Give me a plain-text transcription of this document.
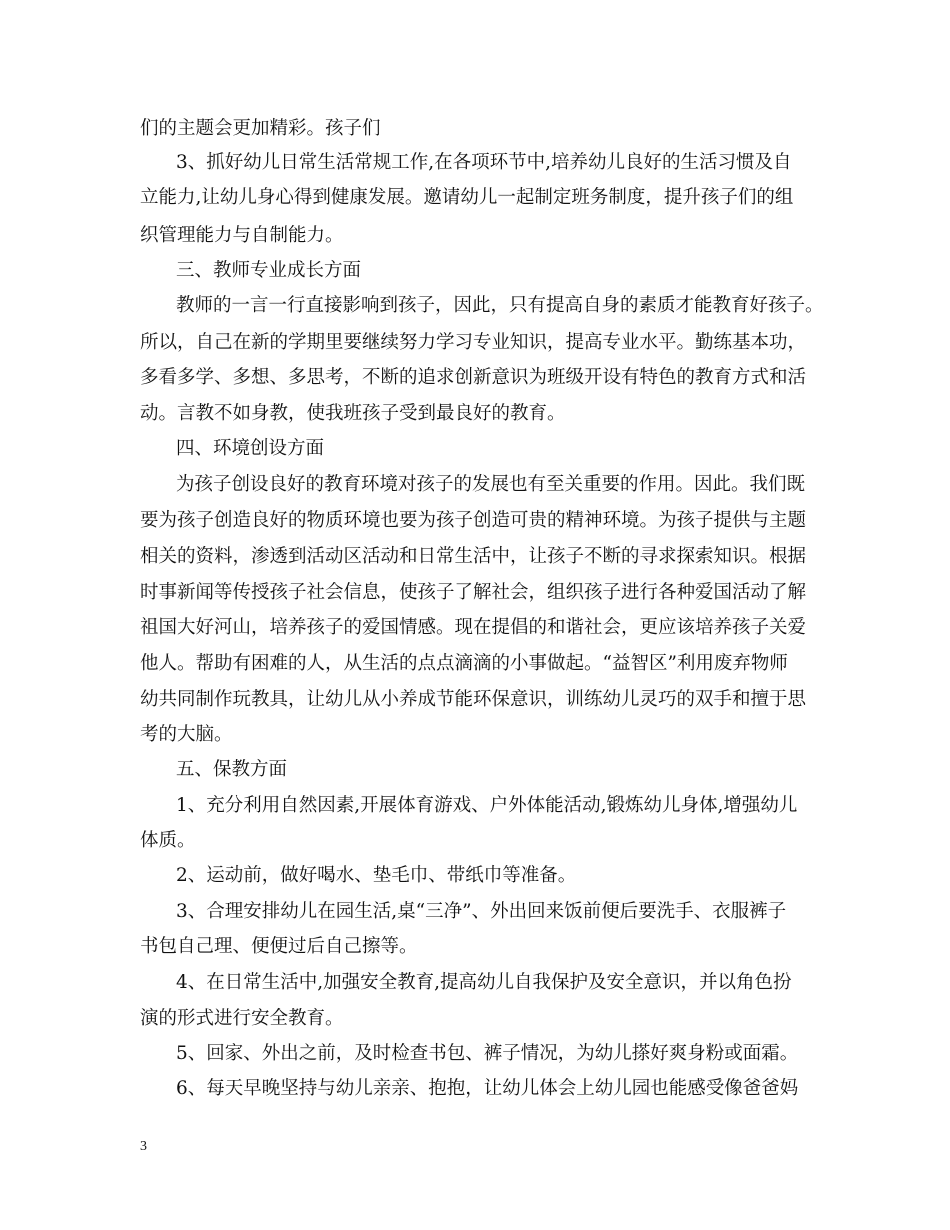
们的主题会更加精彩。孩子们
3、抓好幼儿日常生活常规工作,在各项环节中,培养幼儿良好的生活习惯及自
立能力,让幼儿身心得到健康发展。邀请幼儿一起制定班务制度，提升孩子们的组
织管理能力与自制能力。
三、教师专业成长方面
教师的一言一行直接影响到孩子，因此，只有提高自身的素质才能教育好孩子。
所以，自己在新的学期里要继续努力学习专业知识，提高专业水平。勤练基本功，
多看多学、多想、多思考，不断的追求创新意识为班级开设有特色的教育方式和活
动。言教不如身教，使我班孩子受到最良好的教育。
四、环境创设方面
为孩子创设良好的教育环境对孩子的发展也有至关重要的作用。因此。我们既
要为孩子创造良好的物质环境也要为孩子创造可贵的精神环境。为孩子提供与主题
相关的资料，渗透到活动区活动和日常生活中，让孩子不断的寻求探索知识。根据
时事新闻等传授孩子社会信息，使孩子了解社会，组织孩子进行各种爱国活动了解
祖国大好河山，培养孩子的爱国情感。现在提倡的和谐社会，更应该培养孩子关爱
他人。帮助有困难的人，从生活的点点滴滴的小事做起。“益智区”利用废弃物师
幼共同制作玩教具，让幼儿从小养成节能环保意识，训练幼儿灵巧的双手和擅于思
考的大脑。
五、保教方面
1、充分利用自然因素,开展体育游戏、户外体能活动,锻炼幼儿身体,增强幼儿
体质。
2、运动前，做好喝水、垫毛巾、带纸巾等准备。
3、合理安排幼儿在园生活,桌“三净”、外出回来饭前便后要洗手、衣服裤子
书包自己理、便便过后自己擦等。
4、在日常生活中,加强安全教育,提高幼儿自我保护及安全意识，并以角色扮
演的形式进行安全教育。
5、回家、外出之前，及时检查书包、裤子情况，为幼儿搽好爽身粉或面霜。
6、每天早晚坚持与幼儿亲亲、抱抱，让幼儿体会上幼儿园也能感受像爸爸妈
3
